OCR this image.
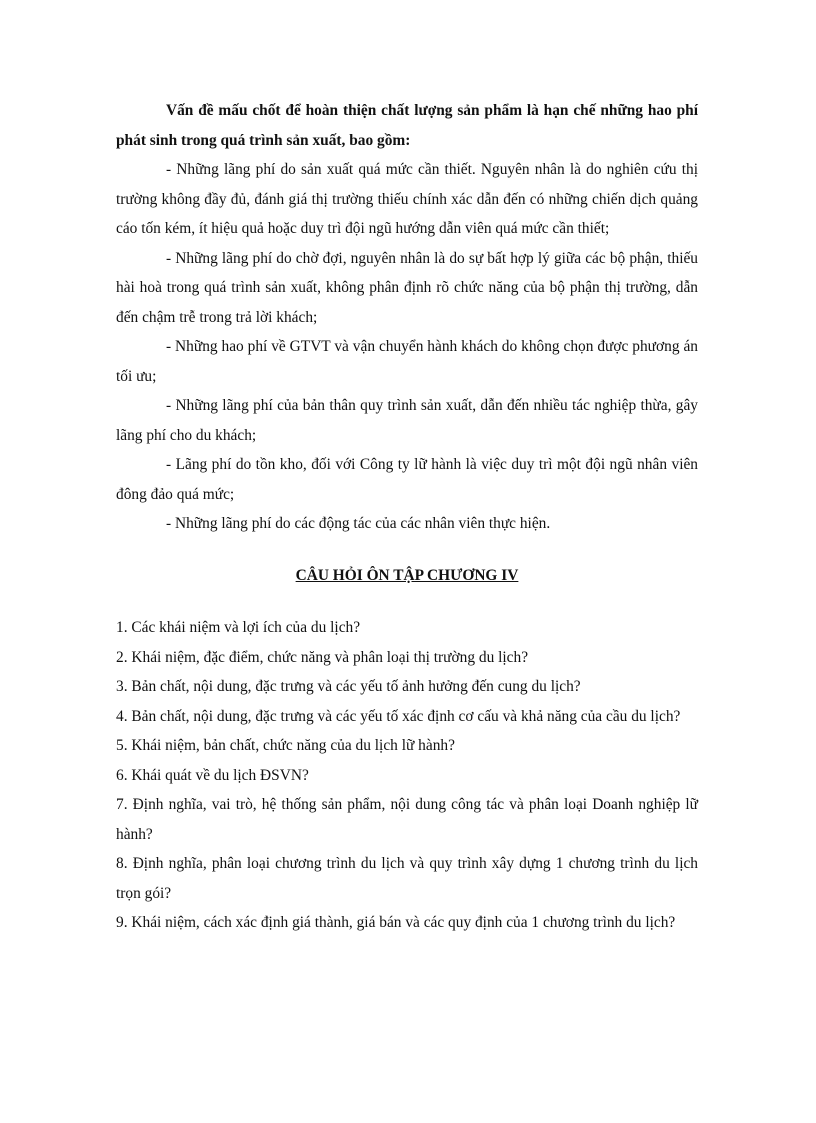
Vấn đề mấu chốt để hoàn thiện chất lượng sản phẩm là hạn chế những hao phí phát sinh trong quá trình sản xuất, bao gồm:

- Những lãng phí do sản xuất quá mức cần thiết. Nguyên nhân là do nghiên cứu thị trường không đầy đủ, đánh giá thị trường thiếu chính xác dẫn đến có những chiến dịch quảng cáo tốn kém, ít hiệu quả hoặc duy trì đội ngũ hướng dẫn viên quá mức cần thiết;

- Những lãng phí do chờ đợi, nguyên nhân là do sự bất hợp lý giữa các bộ phận, thiếu hài hoà trong quá trình sản xuất, không phân định rõ chức năng của bộ phận thị trường, dẫn đến chậm trễ trong trả lời khách;

- Những hao phí về GTVT và vận chuyển hành khách do không chọn được phương án tối ưu;

- Những lãng phí của bản thân quy trình sản xuất, dẫn đến nhiều tác nghiệp thừa, gây lãng phí cho du khách;

- Lãng phí do tồn kho, đối với Công ty lữ hành là việc duy trì một đội ngũ nhân viên đông đảo quá mức;

- Những lãng phí do các động tác của các nhân viên thực hiện.

CÂU HỎI ÔN TẬP CHƯƠNG IV

1. Các khái niệm và lợi ích của du lịch?

2. Khái niệm, đặc điểm, chức năng và phân loại thị trường du lịch?

3. Bản chất, nội dung, đặc trưng và các yếu tố ảnh hưởng đến cung du lịch?

4. Bản chất, nội dung, đặc trưng và các yếu tố xác định cơ cấu và khả năng của cầu du lịch?

5. Khái niệm, bản chất, chức năng của du lịch lữ hành?

6. Khái quát về du lịch ĐSVN?

7. Định nghĩa, vai trò, hệ thống sản phẩm, nội dung công tác và phân loại Doanh nghiệp lữ hành?

8. Định nghĩa, phân loại chương trình du lịch và quy trình xây dựng 1 chương trình du lịch trọn gói?

9. Khái niệm, cách xác định giá thành, giá bán và các quy định của 1 chương trình du lịch?
